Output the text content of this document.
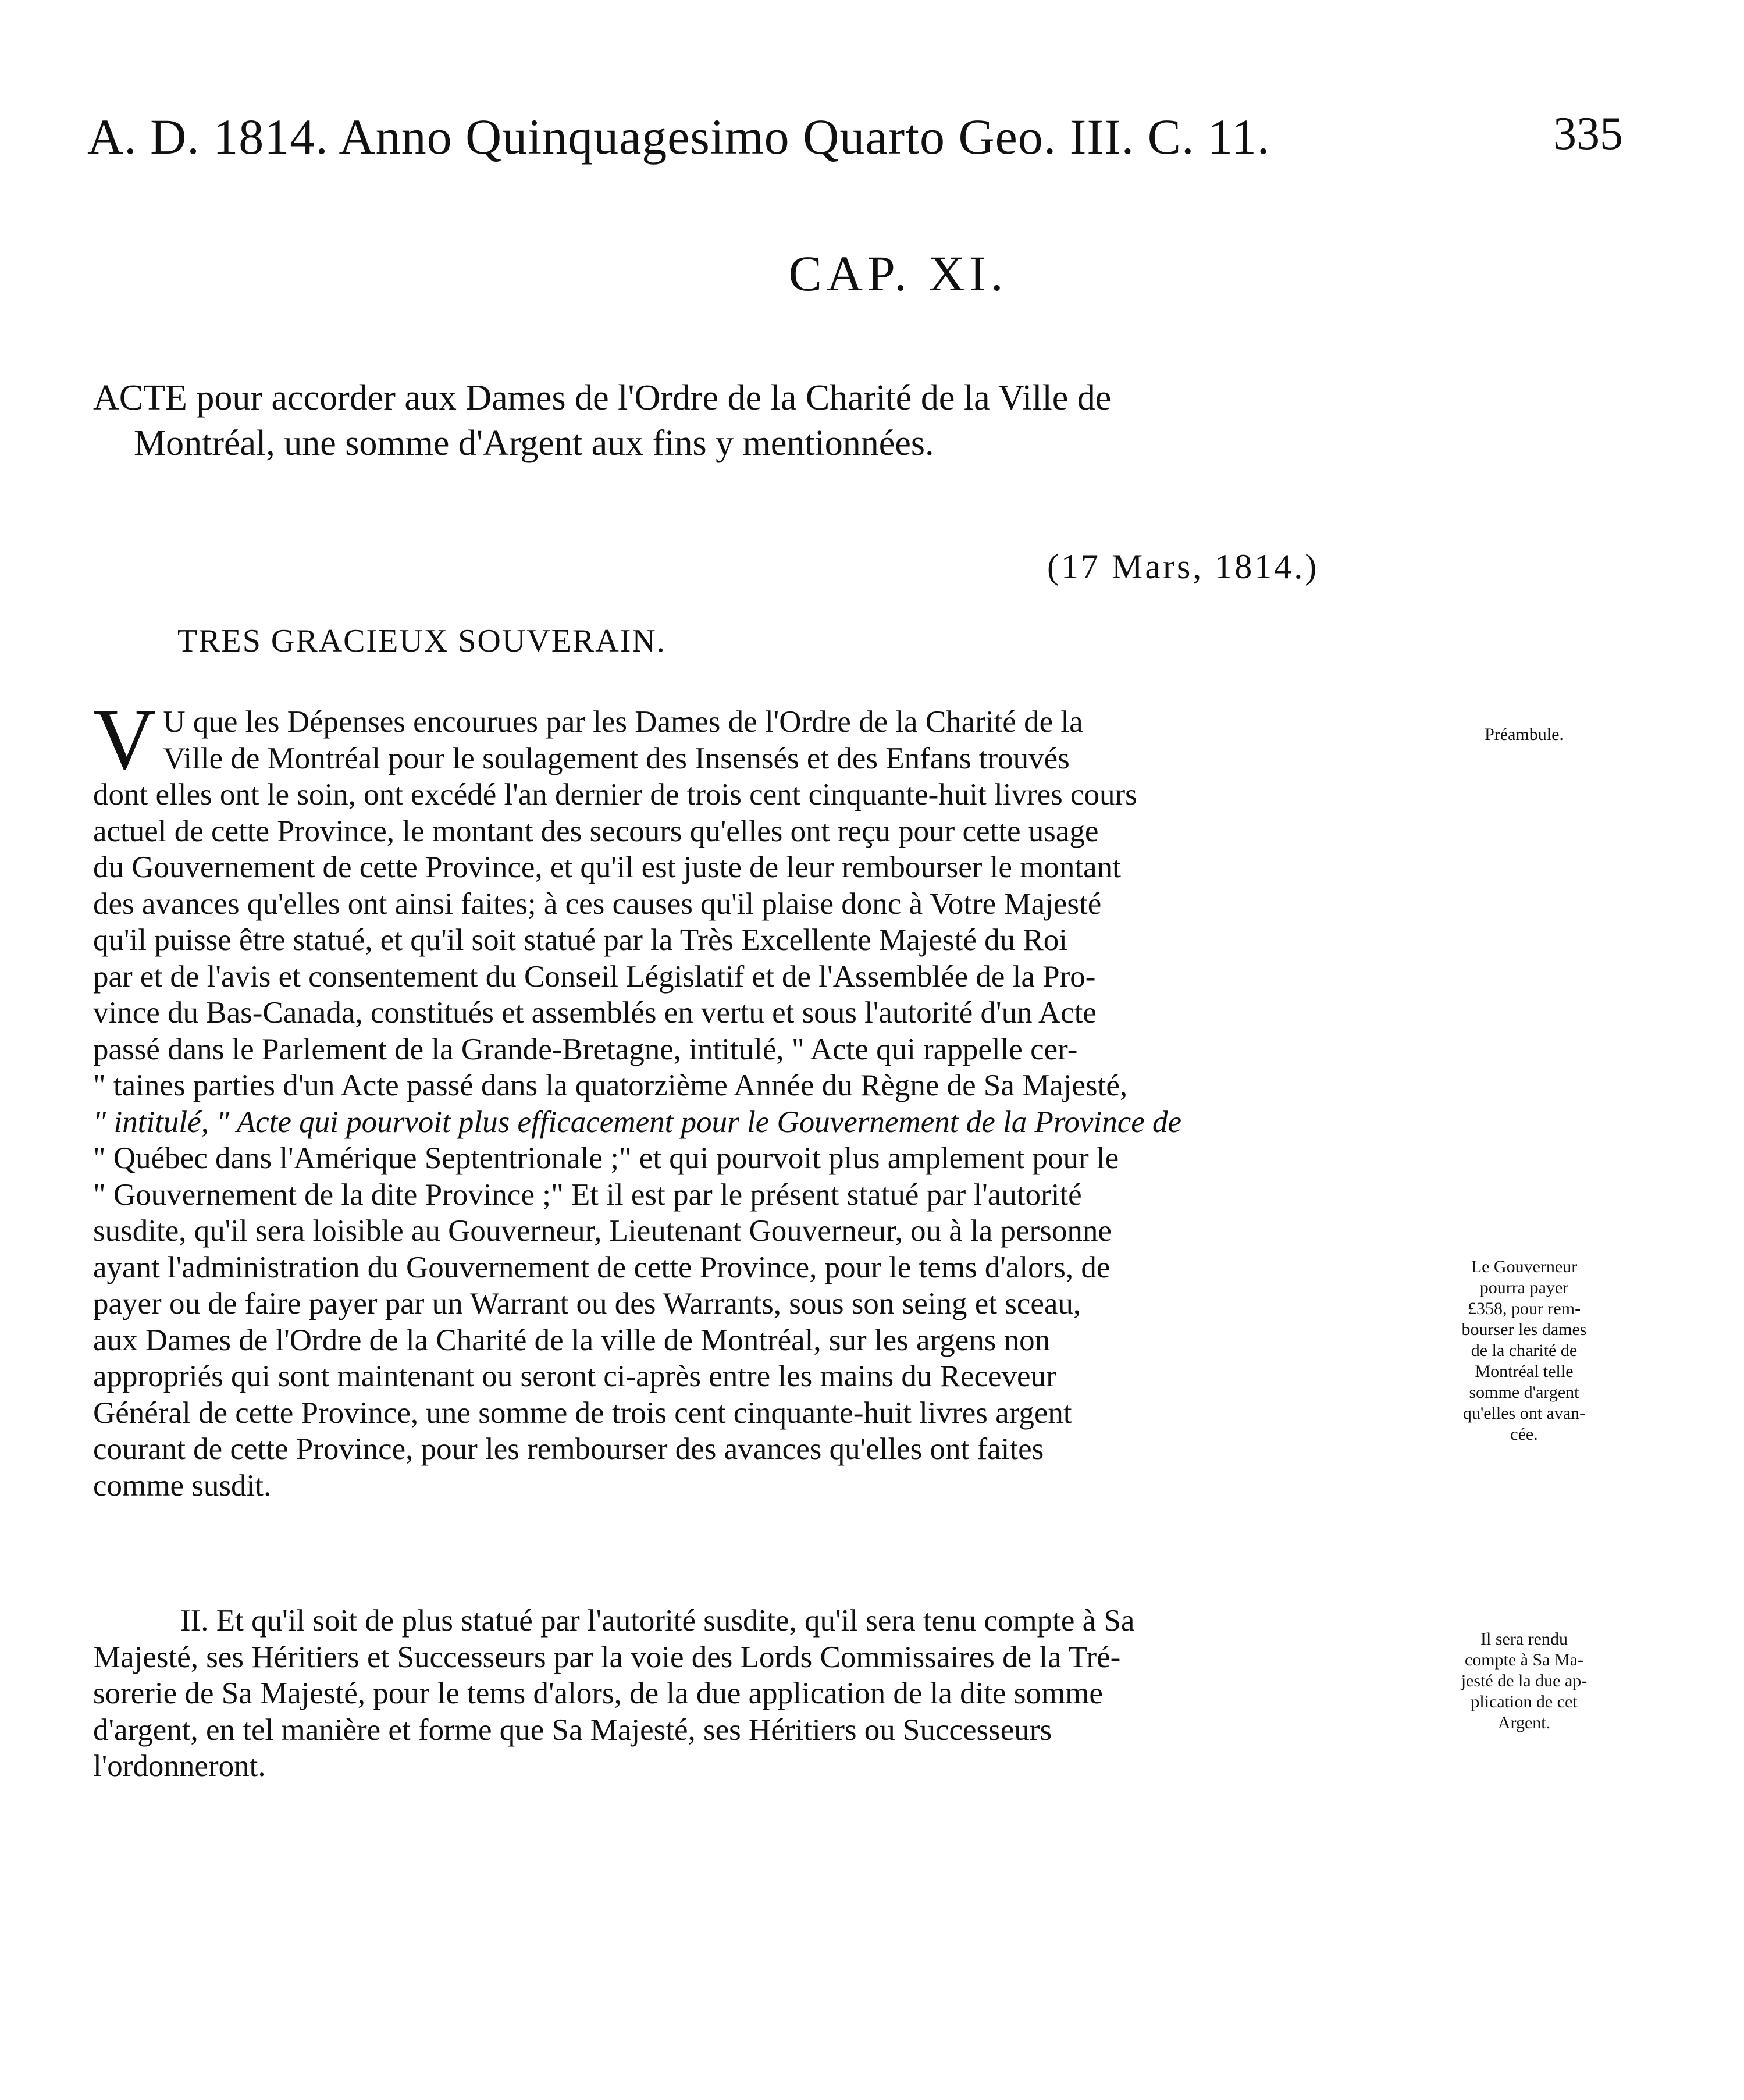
A. D. 1814. Anno Quinquagesimo Quarto Geo. III. C. 11.	335
CAP. XI.
ACTE pour accorder aux Dames de l'Ordre de la Charité de la Ville de
Montréal, une somme d'Argent aux fins y mentionnées.
(17 Mars, 1814.)
TRES GRACIEUX SOUVERAIN.
V U que les Dépenses encourues par les Dames de l'Ordre de la Charité de la
Ville de Montréal pour le soulagement des Insensés et des Enfans trouvés
dont elles ont le soin, ont excédé l'an dernier de trois cent cinquante-huit livres cours
actuel de cette Province, le montant des secours qu'elles ont reçu pour cette usage
du Gouvernement de cette Province, et qu'il est juste de leur rembourser le montant
des avances qu'elles ont ainsi faites; à ces causes qu'il plaise donc à Votre Majesté
qu'il puisse être statué, et qu'il soit statué par la Très Excellente Majesté du Roi
par et de l'avis et consentement du Conseil Législatif et de l'Assemblée de la Pro-
vince du Bas-Canada, constitués et assemblés en vertu et sous l'autorité d'un Acte
passé dans le Parlement de la Grande-Bretagne, intitulé, " Acte qui rappelle cer-
" taines parties d'un Acte passé dans la quatorzième Année du Règne de Sa Majesté,
" intitulé, " Acte qui pourvoit plus efficacement pour le Gouvernement de la Province de
" Québec dans l'Amérique Septentrionale ;" et qui pourvoit plus amplement pour le
" Gouvernement de la dite Province ;" Et il est par le présent statué par l'autorité
susdite, qu'il sera loisible au Gouverneur, Lieutenant Gouverneur, ou à la personne
ayant l'administration du Gouvernement de cette Province, pour le tems d'alors, de
payer ou de faire payer par un Warrant ou des Warrants, sous son seing et sceau,
aux Dames de l'Ordre de la Charité de la ville de Montréal, sur les argens non
appropriés qui sont maintenant ou seront ci-après entre les mains du Receveur
Général de cette Province, une somme de trois cent cinquante-huit livres argent
courant de cette Province, pour les rembourser des avances qu'elles ont faites
comme susdit.
II. Et qu'il soit de plus statué par l'autorité susdite, qu'il sera tenu compte à Sa
Majesté, ses Héritiers et Successeurs par la voie des Lords Commissaires de la Tré-
sorerie de Sa Majesté, pour le tems d'alors, de la due application de la dite somme
d'argent, en tel manière et forme que Sa Majesté, ses Héritiers ou Successeurs
l'ordonneront.
Préambule.
Le Gouverneur
pourra payer
£358, pour rem-
bourser les dames
de la charité de
Montréal telle
somme d'argent
qu'elles ont avan-
cée.
Il sera rendu
compte à Sa Ma-
jesté de la due ap-
plication de cet
Argent.
